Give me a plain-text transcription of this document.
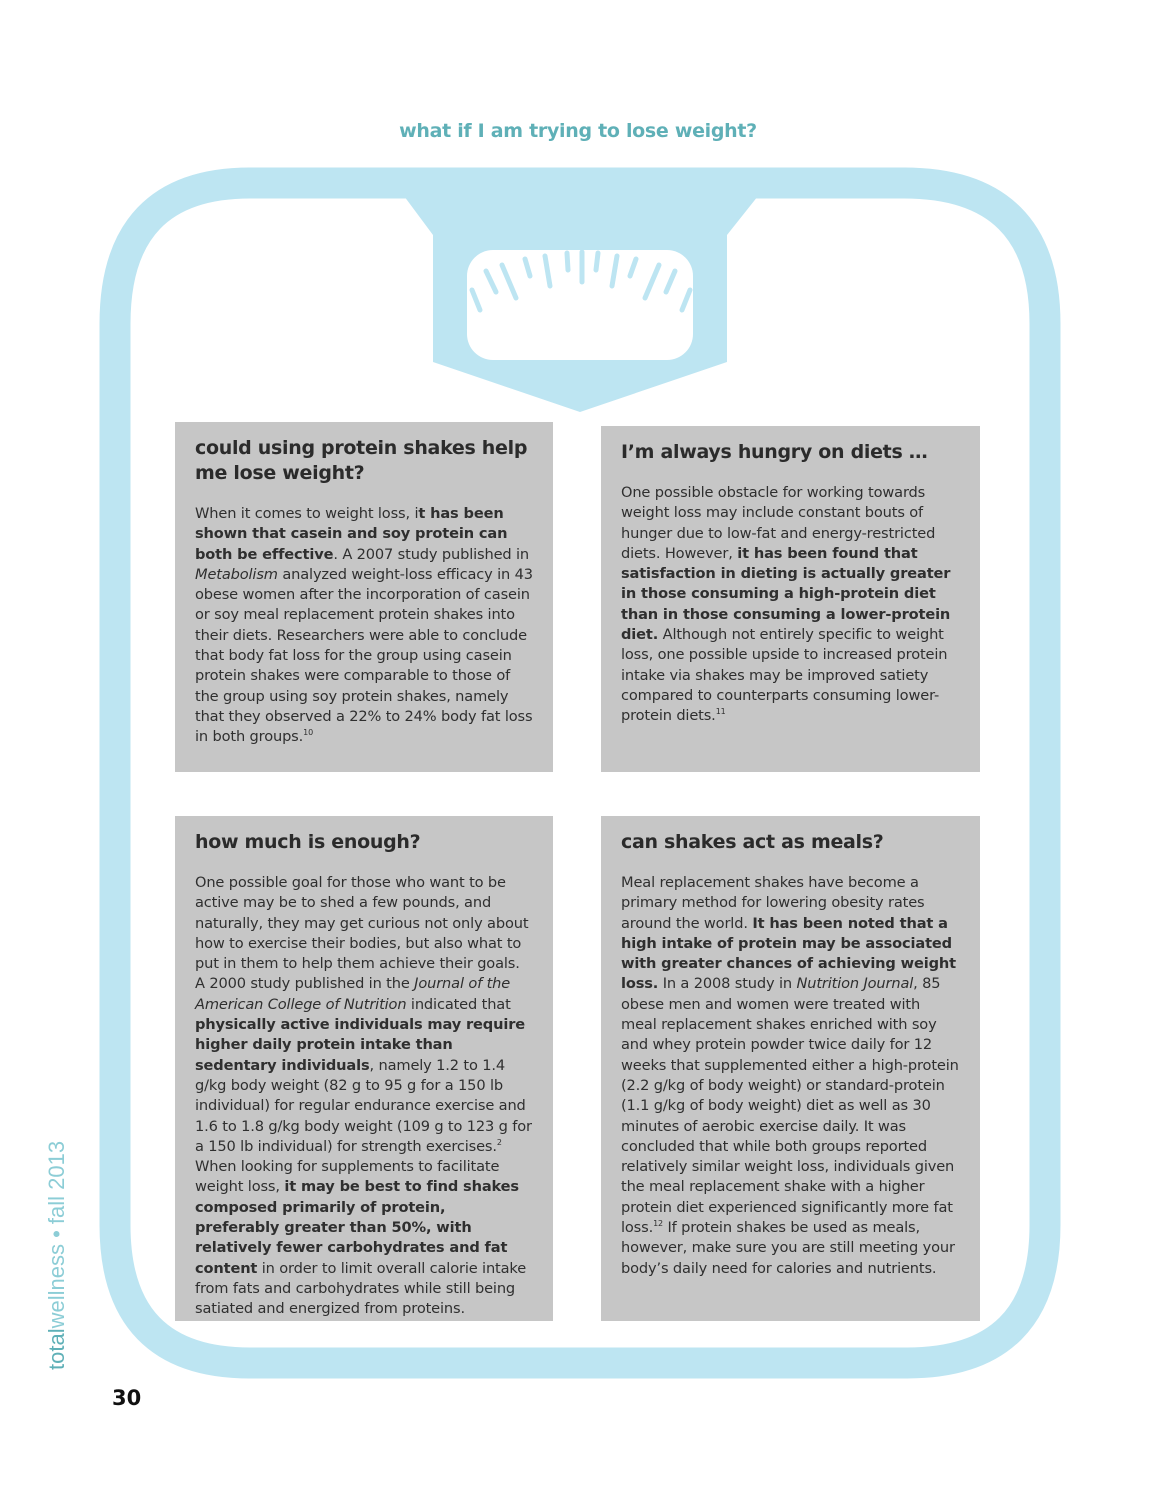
what if I am trying to lose weight?
could using protein shakes help me lose weight?

When it comes to weight loss, it has been shown that casein and soy protein can both be effective. A 2007 study published in Metabolism analyzed weight-loss efficacy in 43 obese women after the incorporation of casein or soy meal replacement protein shakes into their diets. Researchers were able to conclude that body fat loss for the group using casein protein shakes were comparable to those of the group using soy protein shakes, namely that they observed a 22% to 24% body fat loss in both groups.$^{10}$

I’m always hungry on diets …

One possible obstacle for working towards weight loss may include constant bouts of hunger due to low-fat and energy-restricted diets. However, it has been found that satisfaction in dieting is actually greater in those consuming a high-protein diet than in those consuming a lower-protein diet. Although not entirely specific to weight loss, one possible upside to increased protein intake via shakes may be improved satiety compared to counterparts consuming lower-protein diets.$^{11}$

how much is enough?

One possible goal for those who want to be active may be to shed a few pounds, and naturally, they may get curious not only about how to exercise their bodies, but also what to put in them to help them achieve their goals. A 2000 study published in the Journal of the American College of Nutrition indicated that physically active individuals may require higher daily protein intake than sedentary individuals, namely 1.2 to 1.4 g/kg body weight (82 g to 95 g for a 150 lb individual) for regular endurance exercise and 1.6 to 1.8 g/kg body weight (109 g to 123 g for a 150 lb individual) for strength exercises.$^2$ When looking for supplements to facilitate weight loss, it may be best to find shakes composed primarily of protein, preferably greater than 50%, with relatively fewer carbohydrates and fat content in order to limit overall calorie intake from fats and carbohydrates while still being satiated and energized from proteins.

can shakes act as meals?

Meal replacement shakes have become a primary method for lowering obesity rates around the world. It has been noted that a high intake of protein may be associated with greater chances of achieving weight loss. In a 2008 study in Nutrition Journal, 85 obese men and women were treated with meal replacement shakes enriched with soy and whey protein powder twice daily for 12 weeks that supplemented either a high-protein (2.2 g/kg of body weight) or standard-protein (1.1 g/kg of body weight) diet as well as 30 minutes of aerobic exercise daily. It was concluded that while both groups reported relatively similar weight loss, individuals given the meal replacement shake with a higher protein diet experienced significantly more fat loss.$^{12}$ If protein shakes be used as meals, however, make sure you are still meeting your body’s daily need for calories and nutrients.

totalwellness • fall 2013
30
